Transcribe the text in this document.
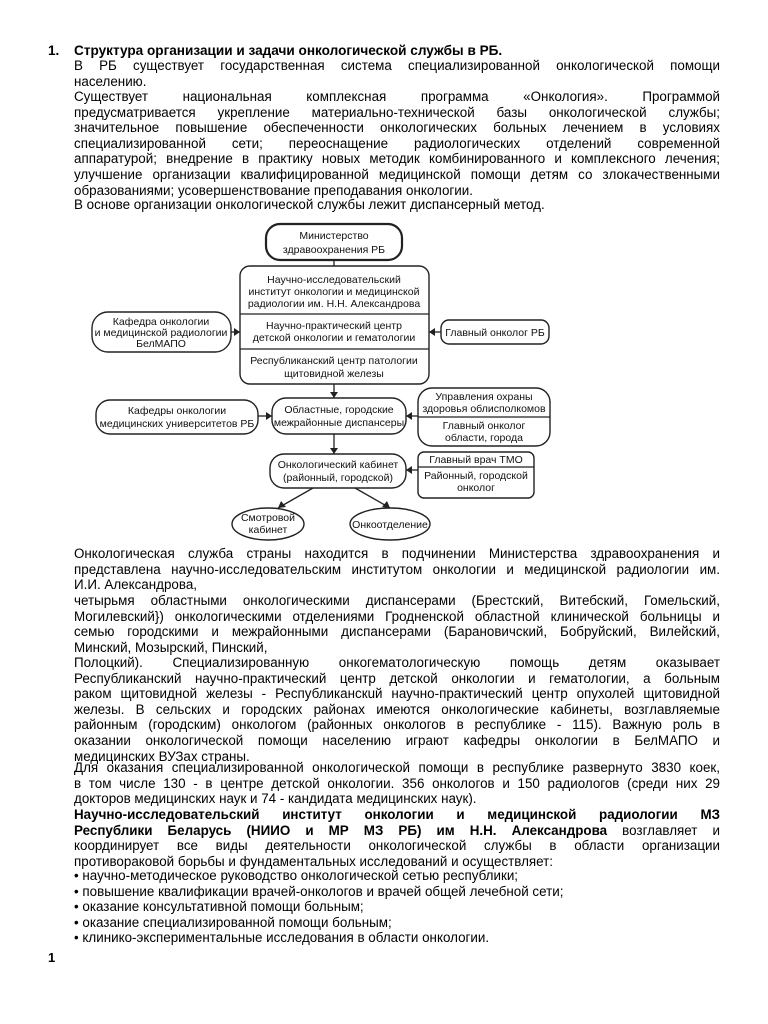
1. Структура организации и задачи онкологической службы в РБ.
В РБ существует государственная система специализированной онкологической помощи
населению.
Существует национальная комплексная программа «Онкология». Программой
предусматривается укрепление материально-технической базы онкологической службы;
значительное повышение обеспеченности онкологических больных лечением в условиях
специализированной сети; переоснащение радиологических отделений современной
аппаратурой; внедрение в практику новых методик комбинированного и комплексного лечения;
улучшение организации квалифицированной медицинской помощи детям со злокачественными
образованиями; усовершенствование преподавания онкологии.
В основе организации онкологической службы лежит диспансерный метод.
Министерство
здравоохранения РБ
Научно-исследовательский
институт онкологии и медицинской
радиологии им. Н.Н. Александрова
Научно-практический центр
детской онкологии и гематологии
Республиканский центр патологии
щитовидной железы
Кафедра онкологии
и медицинской радиологии
БелМАПО
Главный онколог РБ
Кафедры онкологии
медицинских университетов РБ
Областные, городские
межрайонные диспансеры
Управления охраны
здоровья облисполкомов
Главный онколог
области, города
Онкологический кабинет
(районный, городской)
Главный врач ТМО
Районный, городской
онколог
Смотровой
кабинет	Онкоотделение
Онкологическая служба страны находится в подчинении Министерства здравоохранения и
представлена научно-исследовательским институтом онкологии и медицинской радиологии им.
И.И. Александрова,
четырьмя областными онкологическими диспансерами (Брестский, Витебский, Гомельский,
Могилевский}) онкологическими отделениями Гродненской областной клинической больницы и
семью городскими и межрайонными диспансерами (Барановичский, Бобруйский, Вилейский,
Минский, Мозырский, Пинский,
Полоцкий). Специализированную онкогематологическую помощь детям оказывает
Республиканский научно-практический центр детской онкологии и гематологии, а больным
раком щитовидной железы - Республиканскuй научно-практический центр опухолей щитовидной
железы. В сельских и городских районах имеются онкологические кабинеты, возглавляемые
районным (городским) онкологом (районных онкологов в республике - 115). Важную роль в
оказании онкологической помощи населению играют кафедры онкологии в БелМАПО и
медицинских ВУЗах страны.
Для оказания специализированной онкологической помощи в республике развернуто 3830 коек,
в том числе 130 - в центре детской онкологии. 356 онкологов и 150 радиологов (среди них 29
докторов медицинских наук и 74 - кандидата медицинских наук).
Научно-исследовательский институт онкологии и медицинской радиологии МЗ
Республики Беларусь (НИИО и МР МЗ РБ) им Н.Н. Александрова возглавляет и
координирует все виды деятельности онкологической службы в области организации
противораковой борьбы и фундаментальных исследований и осуществляет:
• научно-методическое руководство онкологической сетью республики;
• повышение квалификации врачей-онкологов и врачей общей лечебной сети;
• оказание консультативной помощи больным;
• оказание специализированной помощи больным;
• клинико-экспериментальные исследования в области онкологии.
1
